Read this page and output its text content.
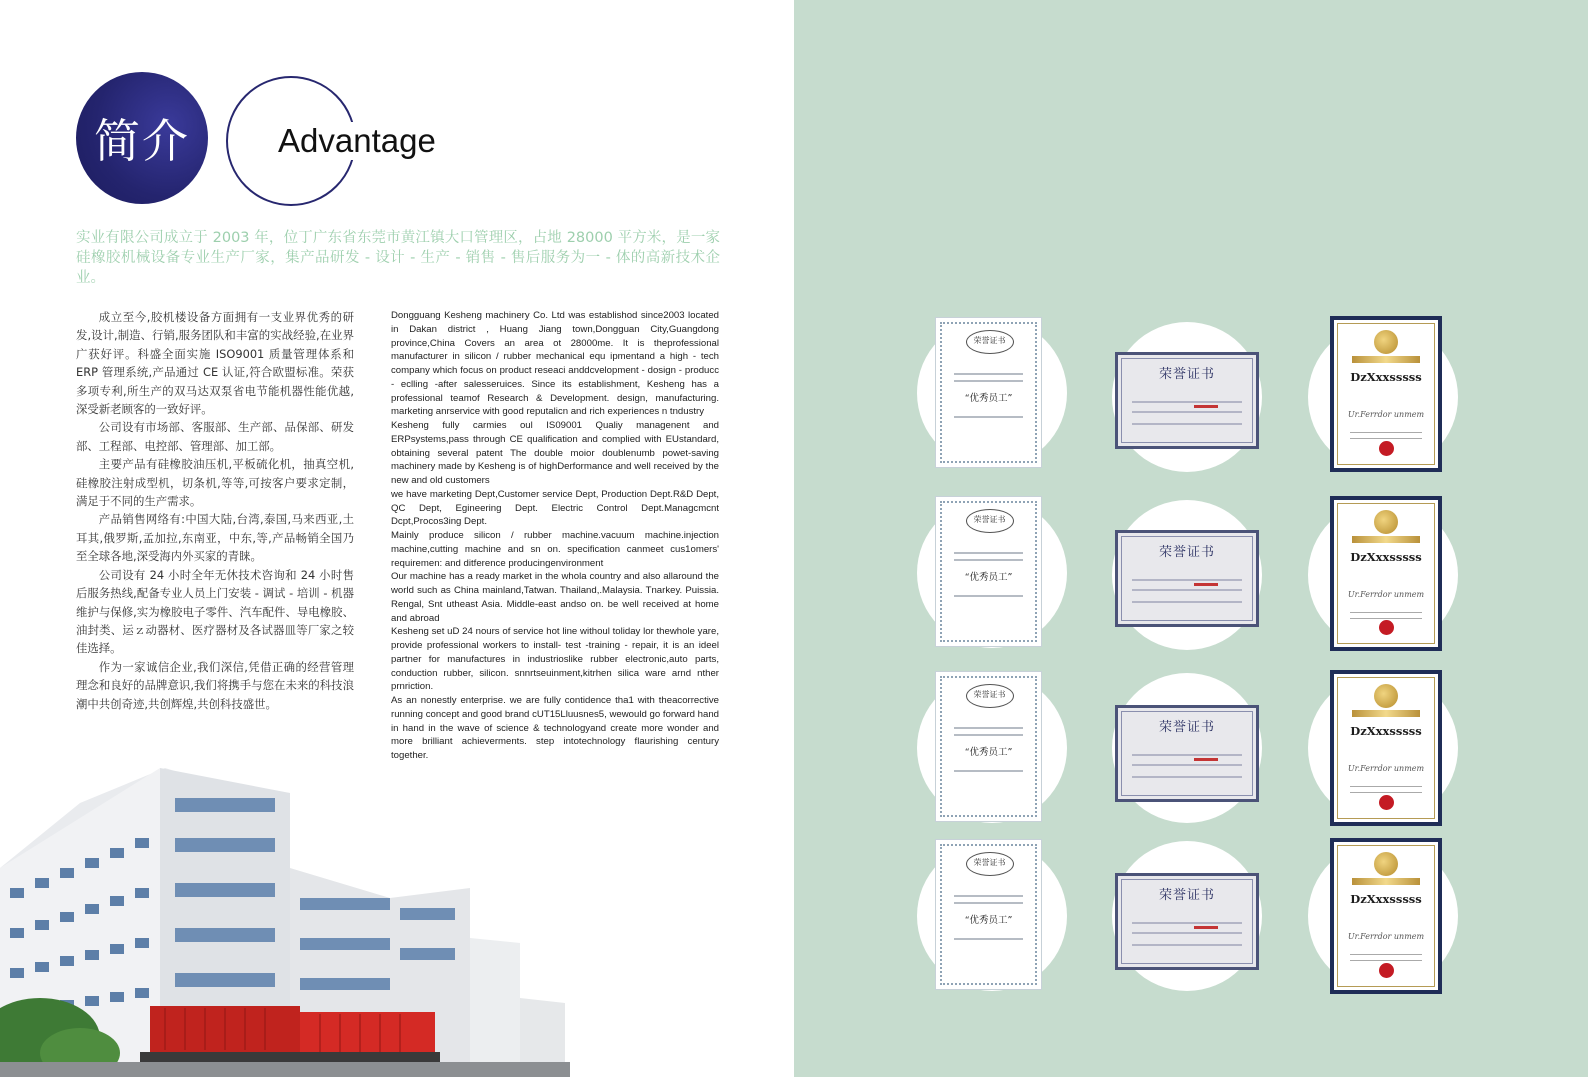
简介	Advantage
实业有限公司成立于 2003 年，位丁广东省东莞市黄江镇大口管理区，占地 28000 平方米，是一家硅橡胶机械设备专业生产厂家，集产品研发 - 设计 - 生产 - 销售 - 售后服务为一 - 体的高新技术企业。

成立至今,胶机楼设备方面拥有一支业界优秀的研发,设计,制造、行销,服务团队和丰富的实战经验,在业界广获好评。科盛全面实施 ISO9001 质量管理体系和 ERP 管理系统,产品通过 CE 认证,符合欧盟标准。荣获多项专利,所生产的双马达双泵省电节能机器性能优越,深受新老顾客的一致好评。

公司设有市场部、客服部、生产部、品保部、研发部、工程部、电控部、管理部、加工部。

主要产品有硅橡胶油压机,平板硫化机，抽真空机,硅橡胶注射成型机，切条机,等等,可按客户要求定制，满足于不同的生产需求。

产品销售网络有:中国大陆,台湾,泰国,马来西亚,土耳其,俄罗斯,孟加拉,东南亚，中东,等,产品畅销全国乃至全球各地,深受海内外买家的青睐。

公司设有 24 小时全年无休技术咨询和 24 小时售后服务热线,配备专业人员上门安装 - 调试 - 培训 - 机器维护与保修,实为橡胶电子零件、汽车配件、导电橡胶、油封类、运ｚ动器材、医疗器材及各试器皿等厂家之较佳选择。

作为一家诚信企业,我们深信,凭借正确的经营管理理念和良好的品牌意识,我们将携手与您在未来的科技浪潮中共创奇迹,共创辉煌,共创科技盛世。

Dongguang Kesheng machinery Co. Ltd was establishod since2003 located in Dakan district , Huang Jiang town,Dongguan City,Guangdong province,China Covers an area ot 28000me. It is theprofessional manufacturer in silicon / rubber mechanical equ ipmentand a high - tech company which focus on product reseaci anddcvelopment - dosign - producc - eclling -after salesseruices. Since its establishment, Kesheng has a professional teamof Research & Development. design, manufacturing. marketing anrservice with good reputalicn and rich experiences n tndustry

Kesheng fully carmies oul IS09001 Qualiy managenent and ERPsystems,pass through CE qualification and complied with EUstandard, obtaining several patent The double moior doublenumb powet-saving machinery made by Kesheng is of highDerformance and well received by the new and old customers

we have marketing Dept,Customer service Dept, Production Dept.R&D Dept, QC Dept, Egineering Dept. Electric Control Dept.Managcmcnt Dcpt,Procos3ing Dept.

Mainly produce silicon / rubber machine.vacuum machine.injection machine,cutting machine and sn on. specification canmeet cus1omers' requiremen: and ditference producingenvironment

Our machine has a ready market in the whola country and also allaround the world such as China mainland,Tatwan. Thailand,.Malaysia. Tnarkey. Puissia. Rengal, Snt utheast Asia. Middle-east andso on. be well received at home and abroad

Kesheng set uD 24 nours of service hot line withoul toliday lor thewhole yare, provide professional workers to install- test -training - repair, it is an ideel partner for manufactures in industrioslike rubber electronic,auto parts, conduction rubber, silicon. snnrtseuinment,kitrhen silica ware arnd nther prnriction.

As an nonestly enterprise. we are fully contidence tha1 with theacorrective running concept and good brand cUT15Lluusnes5, wewould go forward hand in hand in the wave of science & technologyand create more wonder and more brilliant achieverments. step intotechnology flaurishing century together.

荣誉证书
“优秀员工”
荣誉证书	DzXxxsssss
Ur.Ferrdor unmem
荣誉证书
“优秀员工”
荣誉证书	DzXxxsssss
Ur.Ferrdor unmem
荣誉证书
“优秀员工”
荣誉证书	DzXxxsssss
Ur.Ferrdor unmem
荣誉证书
“优秀员工”
荣誉证书	DzXxxsssss
Ur.Ferrdor unmem
